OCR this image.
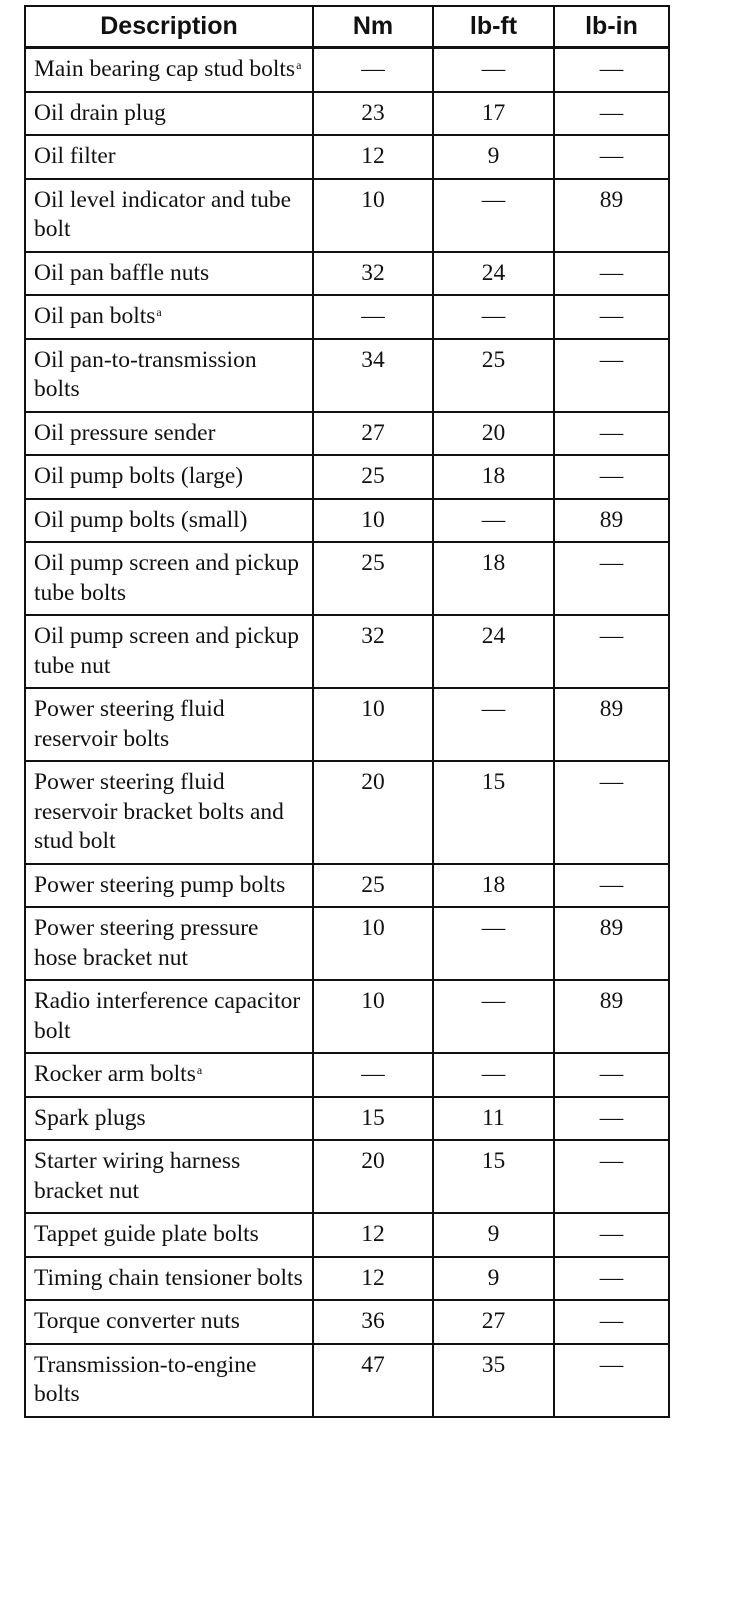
Description	Nm	lb-ft	lb-in
Main bearing cap stud bolts$^a$	—	—	—
Oil drain plug	23	17	—
Oil filter	12	9	—
Oil level indicator and tube bolt	10	—	89
Oil pan baffle nuts	32	24	—
Oil pan bolts$^a$	—	—	—
Oil pan-to-transmission bolts	34	25	—
Oil pressure sender	27	20	—
Oil pump bolts (large)	25	18	—
Oil pump bolts (small)	10	—	89
Oil pump screen and pickup tube bolts	25	18	—
Oil pump screen and pickup tube nut	32	24	—
Power steering fluid reservoir bolts	10	—	89
Power steering fluid reservoir bracket bolts and stud bolt	20	15	—
Power steering pump bolts	25	18	—
Power steering pressure hose bracket nut	10	—	89
Radio interference capacitor bolt	10	—	89
Rocker arm bolts$^a$	—	—	—
Spark plugs	15	11	—
Starter wiring harness bracket nut	20	15	—
Tappet guide plate bolts	12	9	—
Timing chain tensioner bolts	12	9	—
Torque converter nuts	36	27	—
Transmission-to-engine bolts	47	35	—
